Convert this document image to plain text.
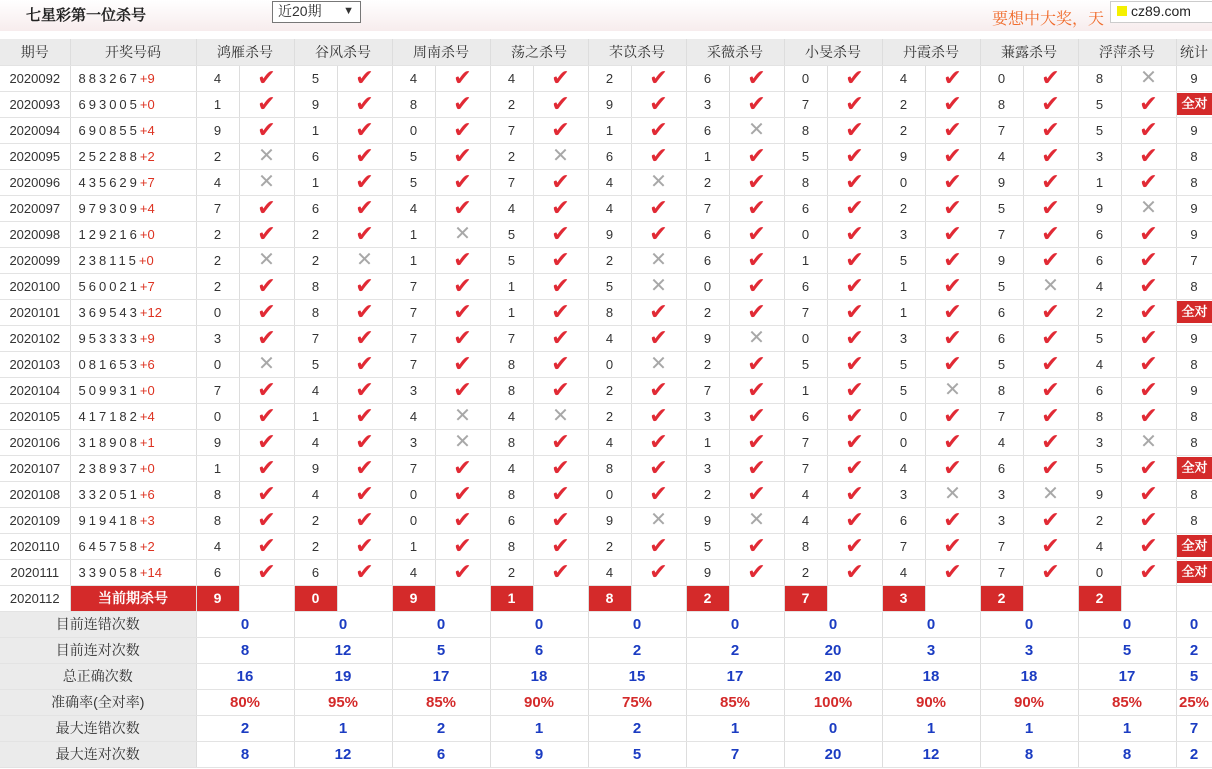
七星彩第一位杀号	近20期 ▼	要想中大奖，天	cz89.com
期号	开奖号码	鸿雁杀号		谷风杀号		周南杀号		荡之杀号		芣苡杀号		采薇杀号		小旻杀号		丹霞杀号		蒹露杀号		浮萍杀号		统计
2020092	883267+9	4	✔	5	✔	4	✔	4	✔	2	✔	6	✔	0	✔	4	✔	0	✔	8	✕	9
2020093	693005+0	1	✔	9	✔	8	✔	2	✔	9	✔	3	✔	7	✔	2	✔	8	✔	5	✔	全对
2020094	690855+4	9	✔	1	✔	0	✔	7	✔	1	✔	6	✕	8	✔	2	✔	7	✔	5	✔	9
2020095	252288+2	2	✕	6	✔	5	✔	2	✕	6	✔	1	✔	5	✔	9	✔	4	✔	3	✔	8
2020096	435629+7	4	✕	1	✔	5	✔	7	✔	4	✕	2	✔	8	✔	0	✔	9	✔	1	✔	8
2020097	979309+4	7	✔	6	✔	4	✔	4	✔	4	✔	7	✔	6	✔	2	✔	5	✔	9	✕	9
2020098	129216+0	2	✔	2	✔	1	✕	5	✔	9	✔	6	✔	0	✔	3	✔	7	✔	6	✔	9
2020099	238115+0	2	✕	2	✕	1	✔	5	✔	2	✕	6	✔	1	✔	5	✔	9	✔	6	✔	7
2020100	560021+7	2	✔	8	✔	7	✔	1	✔	5	✕	0	✔	6	✔	1	✔	5	✕	4	✔	8
2020101	369543+12	0	✔	8	✔	7	✔	1	✔	8	✔	2	✔	7	✔	1	✔	6	✔	2	✔	全对
2020102	953333+9	3	✔	7	✔	7	✔	7	✔	4	✔	9	✕	0	✔	3	✔	6	✔	5	✔	9
2020103	081653+6	0	✕	5	✔	7	✔	8	✔	0	✕	2	✔	5	✔	5	✔	5	✔	4	✔	8
2020104	509931+0	7	✔	4	✔	3	✔	8	✔	2	✔	7	✔	1	✔	5	✕	8	✔	6	✔	9
2020105	417182+4	0	✔	1	✔	4	✕	4	✕	2	✔	3	✔	6	✔	0	✔	7	✔	8	✔	8
2020106	318908+1	9	✔	4	✔	3	✕	8	✔	4	✔	1	✔	7	✔	0	✔	4	✔	3	✕	8
2020107	238937+0	1	✔	9	✔	7	✔	4	✔	8	✔	3	✔	7	✔	4	✔	6	✔	5	✔	全对
2020108	332051+6	8	✔	4	✔	0	✔	8	✔	0	✔	2	✔	4	✔	3	✕	3	✕	9	✔	8
2020109	919418+3	8	✔	2	✔	0	✔	6	✔	9	✕	9	✕	4	✔	6	✔	3	✔	2	✔	8
2020110	645758+2	4	✔	2	✔	1	✔	8	✔	2	✔	5	✔	8	✔	7	✔	7	✔	4	✔	全对
2020111	339058+14	6	✔	6	✔	4	✔	2	✔	4	✔	9	✔	2	✔	4	✔	7	✔	0	✔	全对
2020112	当前期杀号	9		0		9		1		8		2		7		3		2		2		
目前连错次数		0		0		0		0		0		0		0		0		0		0		0
目前连对次数		8		12		5		6		2		2		20		3		3		5		2
总正确次数		16		19		17		18		15		17		20		18		18		17		5
准确率(全对率)		80%		95%		85%		90%		75%		85%		100%		90%		90%		85%		25%
最大连错次数		2		1		2		1		2		1		0		1		1		1		7
最大连对次数		8		12		6		9		5		7		20		12		8		8		2
